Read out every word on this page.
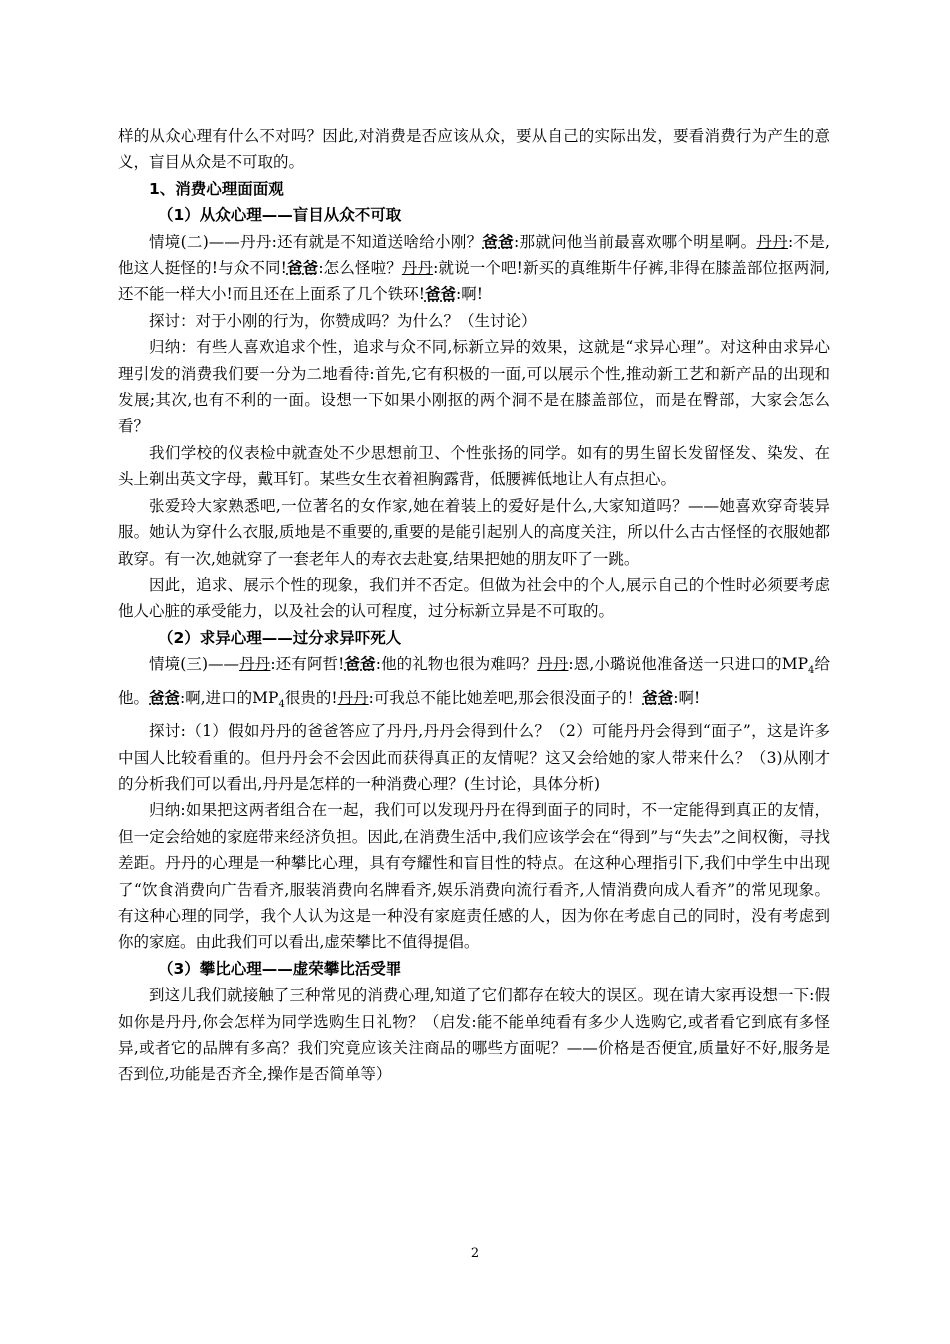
样的从众心理有什么不对吗？因此,对消费是否应该从众，要从自己的实际出发，要看消费行为产生的意义，盲目从众是不可取的。

1、消费心理面面观

（1）从众心理——盲目从众不可取

情境(二)——丹丹:还有就是不知道送啥给小刚？爸爸:那就问他当前最喜欢哪个明星啊。丹丹:不是,他这人挺怪的!与众不同!爸爸:怎么怪啦？丹丹:就说一个吧!新买的真维斯牛仔裤,非得在膝盖部位抠两洞,还不能一样大小!而且还在上面系了几个铁环!爸爸:啊!

探讨：对于小刚的行为，你赞成吗？为什么？（生讨论）

归纳：有些人喜欢追求个性，追求与众不同,标新立异的效果，这就是“求异心理”。对这种由求异心理引发的消费我们要一分为二地看待:首先,它有积极的一面,可以展示个性,推动新工艺和新产品的出现和发展;其次,也有不利的一面。设想一下如果小刚抠的两个洞不是在膝盖部位，而是在臀部，大家会怎么看？

我们学校的仪表检中就查处不少思想前卫、个性张扬的同学。如有的男生留长发留怪发、染发、在头上剃出英文字母，戴耳钉。某些女生衣着袒胸露背，低腰裤低地让人有点担心。

张爱玲大家熟悉吧,一位著名的女作家,她在着装上的爱好是什么,大家知道吗？——她喜欢穿奇装异服。她认为穿什么衣服,质地是不重要的,重要的是能引起别人的高度关注，所以什么古古怪怪的衣服她都敢穿。有一次,她就穿了一套老年人的寿衣去赴宴,结果把她的朋友吓了一跳。

因此，追求、展示个性的现象，我们并不否定。但做为社会中的个人,展示自己的个性时必须要考虑他人心脏的承受能力，以及社会的认可程度，过分标新立异是不可取的。

（2）求异心理——过分求异吓死人

情境(三)——丹丹:还有阿哲!爸爸:他的礼物也很为难吗？丹丹:恩,小璐说他准备送一只进口的$MP_4$给他。爸爸:啊,进口的$MP_4$很贵的!丹丹:可我总不能比她差吧,那会很没面子的！爸爸:啊!

探讨:（1）假如丹丹的爸爸答应了丹丹,丹丹会得到什么？（2）可能丹丹会得到“面子”，这是许多中国人比较看重的。但丹丹会不会因此而获得真正的友情呢？这又会给她的家人带来什么？（3)从刚才的分析我们可以看出,丹丹是怎样的一种消费心理？(生讨论，具体分析)

归纳:如果把这两者组合在一起，我们可以发现丹丹在得到面子的同时，不一定能得到真正的友情，但一定会给她的家庭带来经济负担。因此,在消费生活中,我们应该学会在“得到”与“失去”之间权衡，寻找差距。丹丹的心理是一种攀比心理，具有夸耀性和盲目性的特点。在这种心理指引下,我们中学生中出现了“饮食消费向广告看齐,服装消费向名牌看齐,娱乐消费向流行看齐,人情消费向成人看齐”的常见现象。有这种心理的同学，我个人认为这是一种没有家庭责任感的人，因为你在考虑自己的同时，没有考虑到你的家庭。由此我们可以看出,虚荣攀比不值得提倡。

（3）攀比心理——虚荣攀比活受罪

到这儿我们就接触了三种常见的消费心理,知道了它们都存在较大的误区。现在请大家再设想一下:假如你是丹丹,你会怎样为同学选购生日礼物？（启发:能不能单纯看有多少人选购它,或者看它到底有多怪异,或者它的品牌有多高？我们究竟应该关注商品的哪些方面呢？——价格是否便宜,质量好不好,服务是否到位,功能是否齐全,操作是否简单等）

2
